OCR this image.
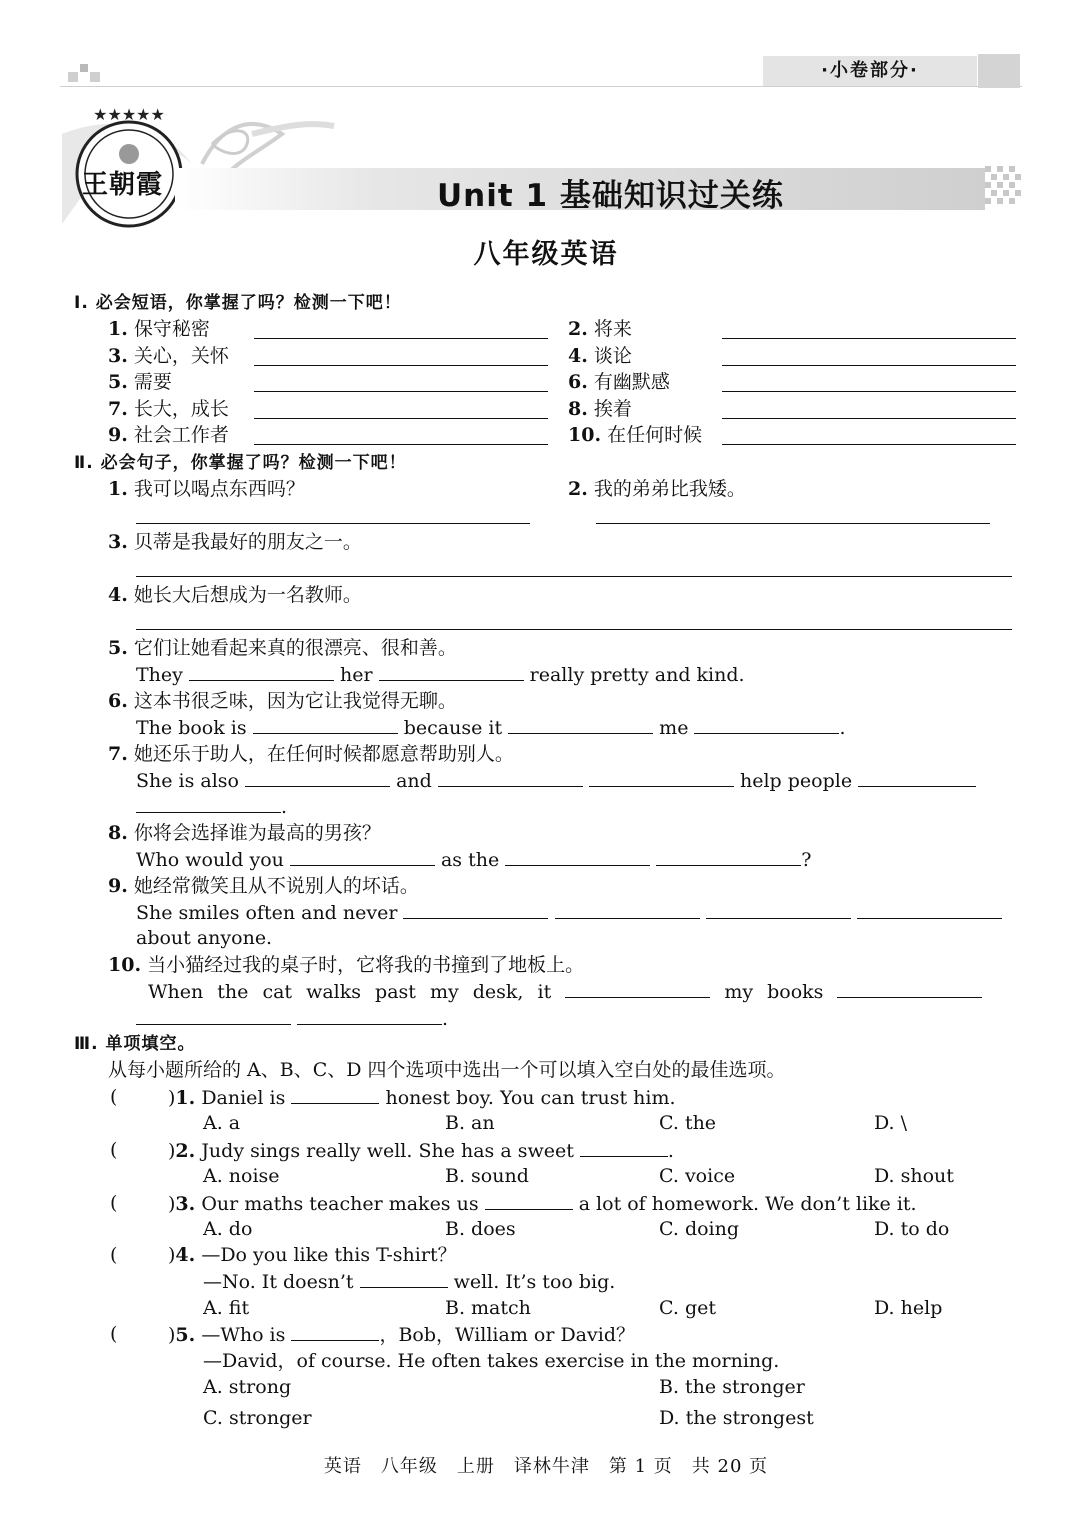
·小卷部分·
★★★★★
王朝霞	Unit 1 基础知识过关练
八年级英语
Ⅰ. 必会短语，你掌握了吗？检测一下吧！
1. 保守秘密	2. 将来
3. 关心，关怀	4. 谈论
5. 需要	6. 有幽默感
7. 长大，成长	8. 挨着
9. 社会工作者	10. 在任何时候
Ⅱ. 必会句子，你掌握了吗？检测一下吧！
1. 我可以喝点东西吗？	2. 我的弟弟比我矮。
3. 贝蒂是我最好的朋友之一。
4. 她长大后想成为一名教师。
5. 它们让她看起来真的很漂亮、很和善。
They	her	really pretty and kind.
6. 这本书很乏味，因为它让我觉得无聊。
The book is	because it	me	.
7. 她还乐于助人，在任何时候都愿意帮助别人。
She is also	and	help people
.
8. 你将会选择谁为最高的男孩？
Who would you	as the	?
9. 她经常微笑且从不说别人的坏话。
She smiles often and never
about anyone.
10. 当小猫经过我的桌子时，它将我的书撞到了地板上。
When the cat walks past my desk, it	my books
.
Ⅲ. 单项填空。
从每小题所给的 A、B、C、D 四个选项中选出一个可以填入空白处的最佳选项。
(	)1. Daniel is	honest boy. You can trust him.
A. a	B. an	C. the	D. \
(	)2. Judy sings really well. She has a sweet	.
A. noise	B. sound	C. voice	D. shout
(	)3. Our maths teacher makes us	a lot of homework. We don’t like it.
A. do	B. does	C. doing	D. to do
(	)4. —Do you like this T-shirt？
—No. It doesn’t	well. It’s too big.
A. fit	B. match	C. get	D. help
(	)5. —Who is	，Bob，William or David？
—David，of course. He often takes exercise in the morning.
A. strong	B. the stronger
C. stronger	D. the strongest
英语　八年级　上册　译林牛津　第 1 页　共 20 页
